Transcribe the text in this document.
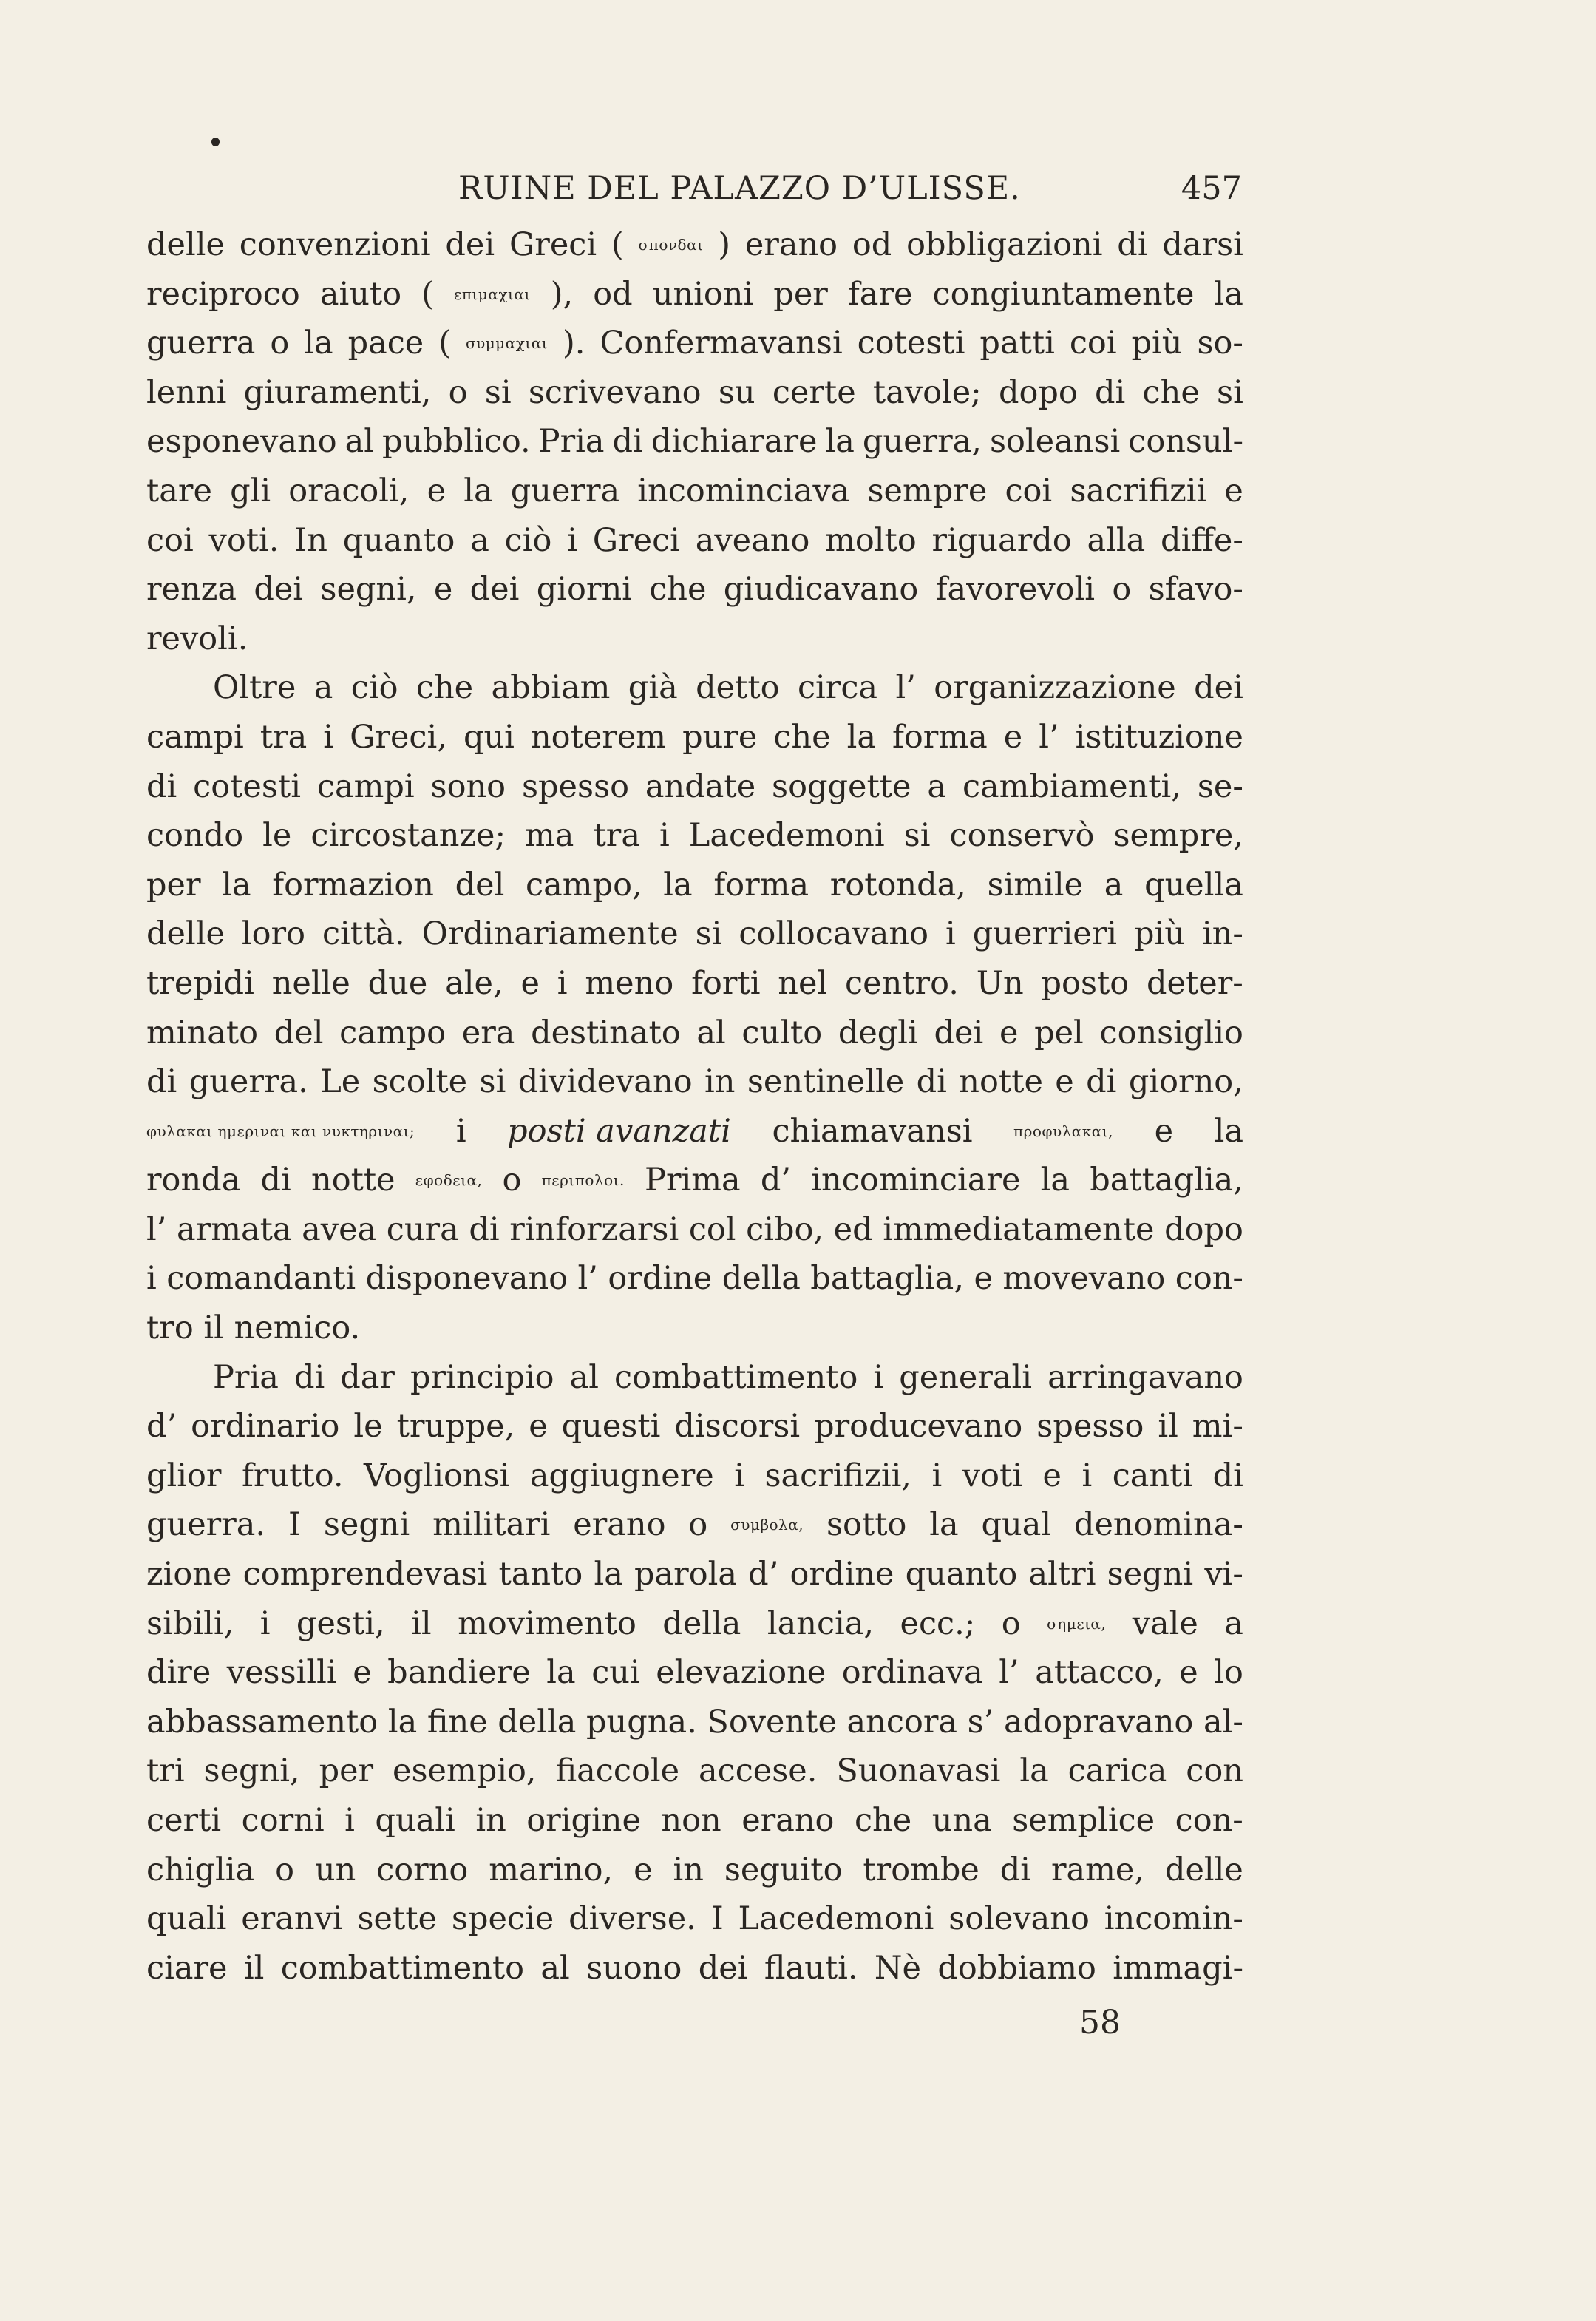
RUINE DEL PALAZZO D’ULISSE.	457
delle convenzioni dei Greci ( σπονδαι ) erano od obbligazioni di darsi
reciproco aiuto ( επιμαχιαι ), od unioni per fare congiuntamente la
guerra o la pace ( συμμαχιαι ). Confermavansi cotesti patti coi più so-
lenni giuramenti, o si scrivevano su certe tavole; dopo di che si
esponevano al pubblico. Pria di dichiarare la guerra, soleansi consul-
tare gli oracoli, e la guerra incominciava sempre coi sacrifizii e
coi voti. In quanto a ciò i Greci aveano molto riguardo alla diffe-
renza dei segni, e dei giorni che giudicavano favorevoli o sfavo-
revoli.
Oltre a ciò che abbiam già detto circa l’ organizzazione dei
campi tra i Greci, qui noterem pure che la forma e l’ istituzione
di cotesti campi sono spesso andate soggette a cambiamenti, se-
condo le circostanze; ma tra i Lacedemoni si conservò sempre,
per la formazion del campo, la forma rotonda, simile a quella
delle loro città. Ordinariamente si collocavano i guerrieri più in-
trepidi nelle due ale, e i meno forti nel centro. Un posto deter-
minato del campo era destinato al culto degli dei e pel consiglio
di guerra. Le scolte si dividevano in sentinelle di notte e di giorno,
φυλακαι ημεριναι και νυκτηριναι; i posti avanzati chiamavansi	προφυλακαι, e la
ronda di notte εφοδεια, o περιπολοι. Prima d’ incominciare la battaglia,
l’ armata avea cura di rinforzarsi col cibo, ed immediatamente dopo
i comandanti disponevano l’ ordine della battaglia, e movevano con-
tro il nemico.
Pria di dar principio al combattimento i generali arringavano
d’ ordinario le truppe, e questi discorsi producevano spesso il mi-
glior frutto. Voglionsi aggiugnere i sacrifizii, i voti e i canti di
guerra. I segni militari erano o συμβολα, sotto la qual denomina-
zione comprendevasi tanto la parola d’ ordine quanto altri segni vi-
sibili, i gesti, il movimento della lancia, ecc.; o σημεια, vale a
dire vessilli e bandiere la cui elevazione ordinava l’ attacco, e lo
abbassamento la fine della pugna. Sovente ancora s’ adopravano al-
tri segni, per esempio, fiaccole accese. Suonavasi la carica con
certi corni i quali in origine non erano che una semplice con-
chiglia o un corno marino, e in seguito trombe di rame, delle
quali eranvi sette specie diverse. I Lacedemoni solevano incomin-
ciare il combattimento al suono dei flauti. Nè dobbiamo immagi-
58
